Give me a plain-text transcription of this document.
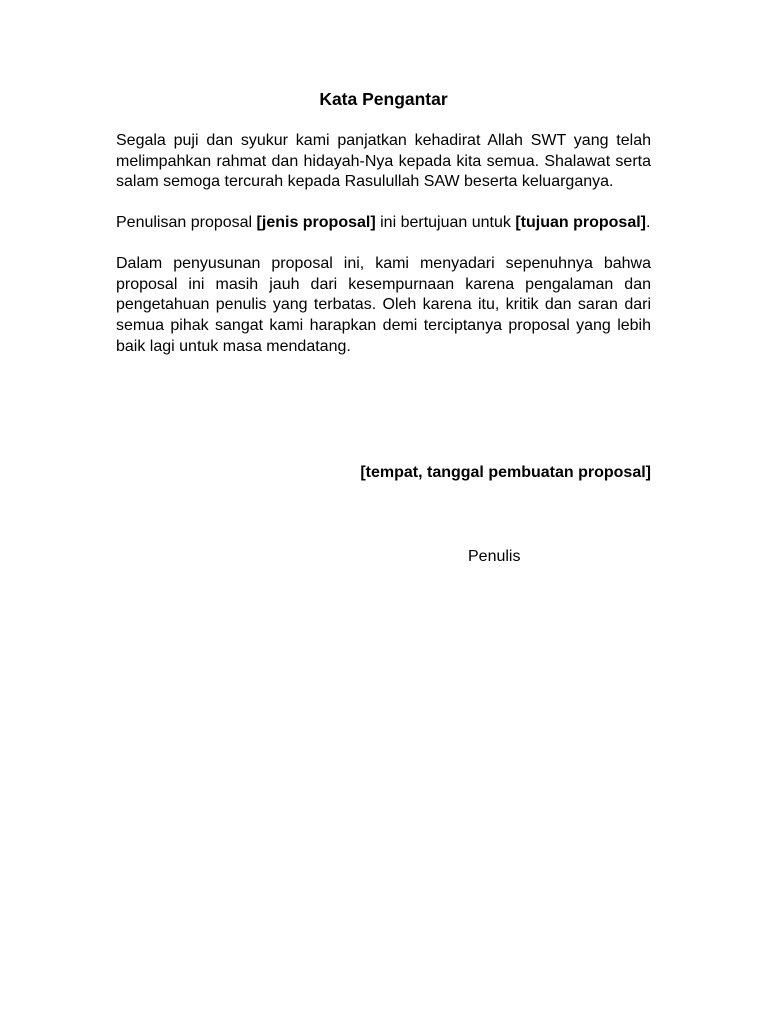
Kata Pengantar

Segala puji dan syukur kami panjatkan kehadirat Allah SWT yang telah melimpahkan rahmat dan hidayah-Nya kepada kita semua. Shalawat serta salam semoga tercurah kepada Rasulullah SAW beserta keluarganya.

Penulisan proposal [jenis proposal] ini bertujuan untuk [tujuan proposal].

Dalam penyusunan proposal ini, kami menyadari sepenuhnya bahwa proposal ini masih jauh dari kesempurnaan karena pengalaman dan pengetahuan penulis yang terbatas. Oleh karena itu, kritik dan saran dari semua pihak sangat kami harapkan demi terciptanya proposal yang lebih baik lagi untuk masa mendatang.

[tempat, tanggal pembuatan proposal]
Penulis
